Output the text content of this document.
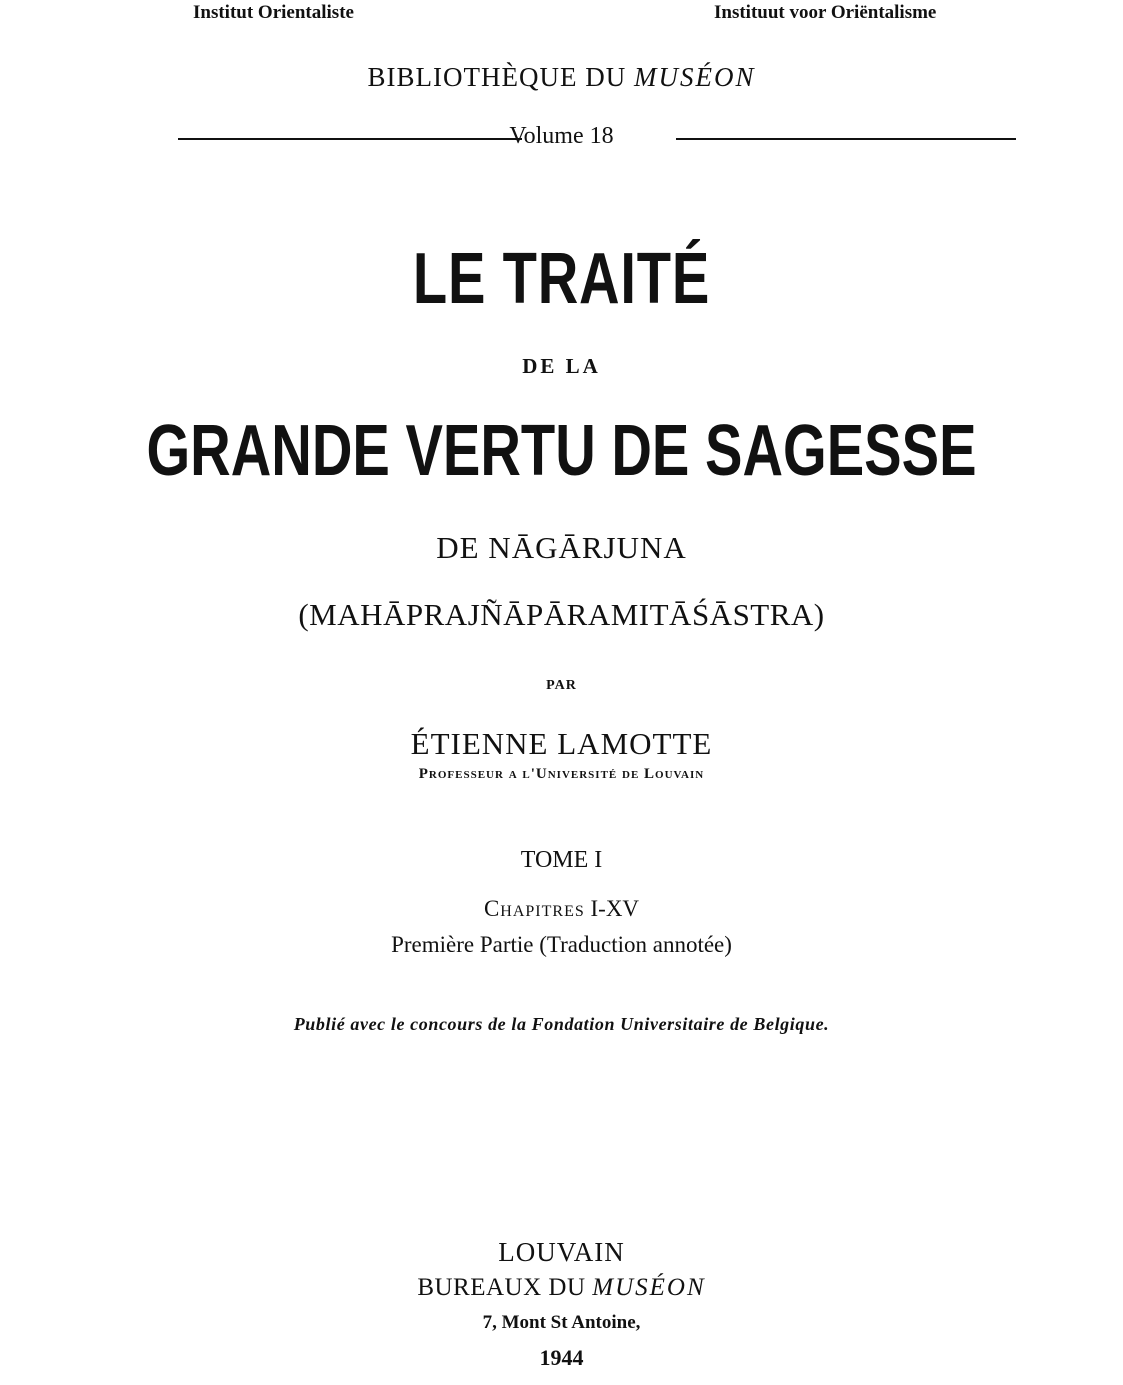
Institut Orientaliste	Instituut voor Oriëntalisme
BIBLIOTHÈQUE DU MUSÉON
Volume 18
LE TRAITÉ
DE LA
GRANDE VERTU DE SAGESSE
DE NĀGĀRJUNA
(MAHĀPRAJÑĀPĀRAMITĀŚĀSTRA)
PAR
ÉTIENNE LAMOTTE
Professeur a l'Université de Louvain
TOME I
Chapitres I-XV
Première Partie (Traduction annotée)
Publié avec le concours de la Fondation Universitaire de Belgique.
LOUVAIN
BUREAUX DU MUSÉON
7, Mont St Antoine,
1944
